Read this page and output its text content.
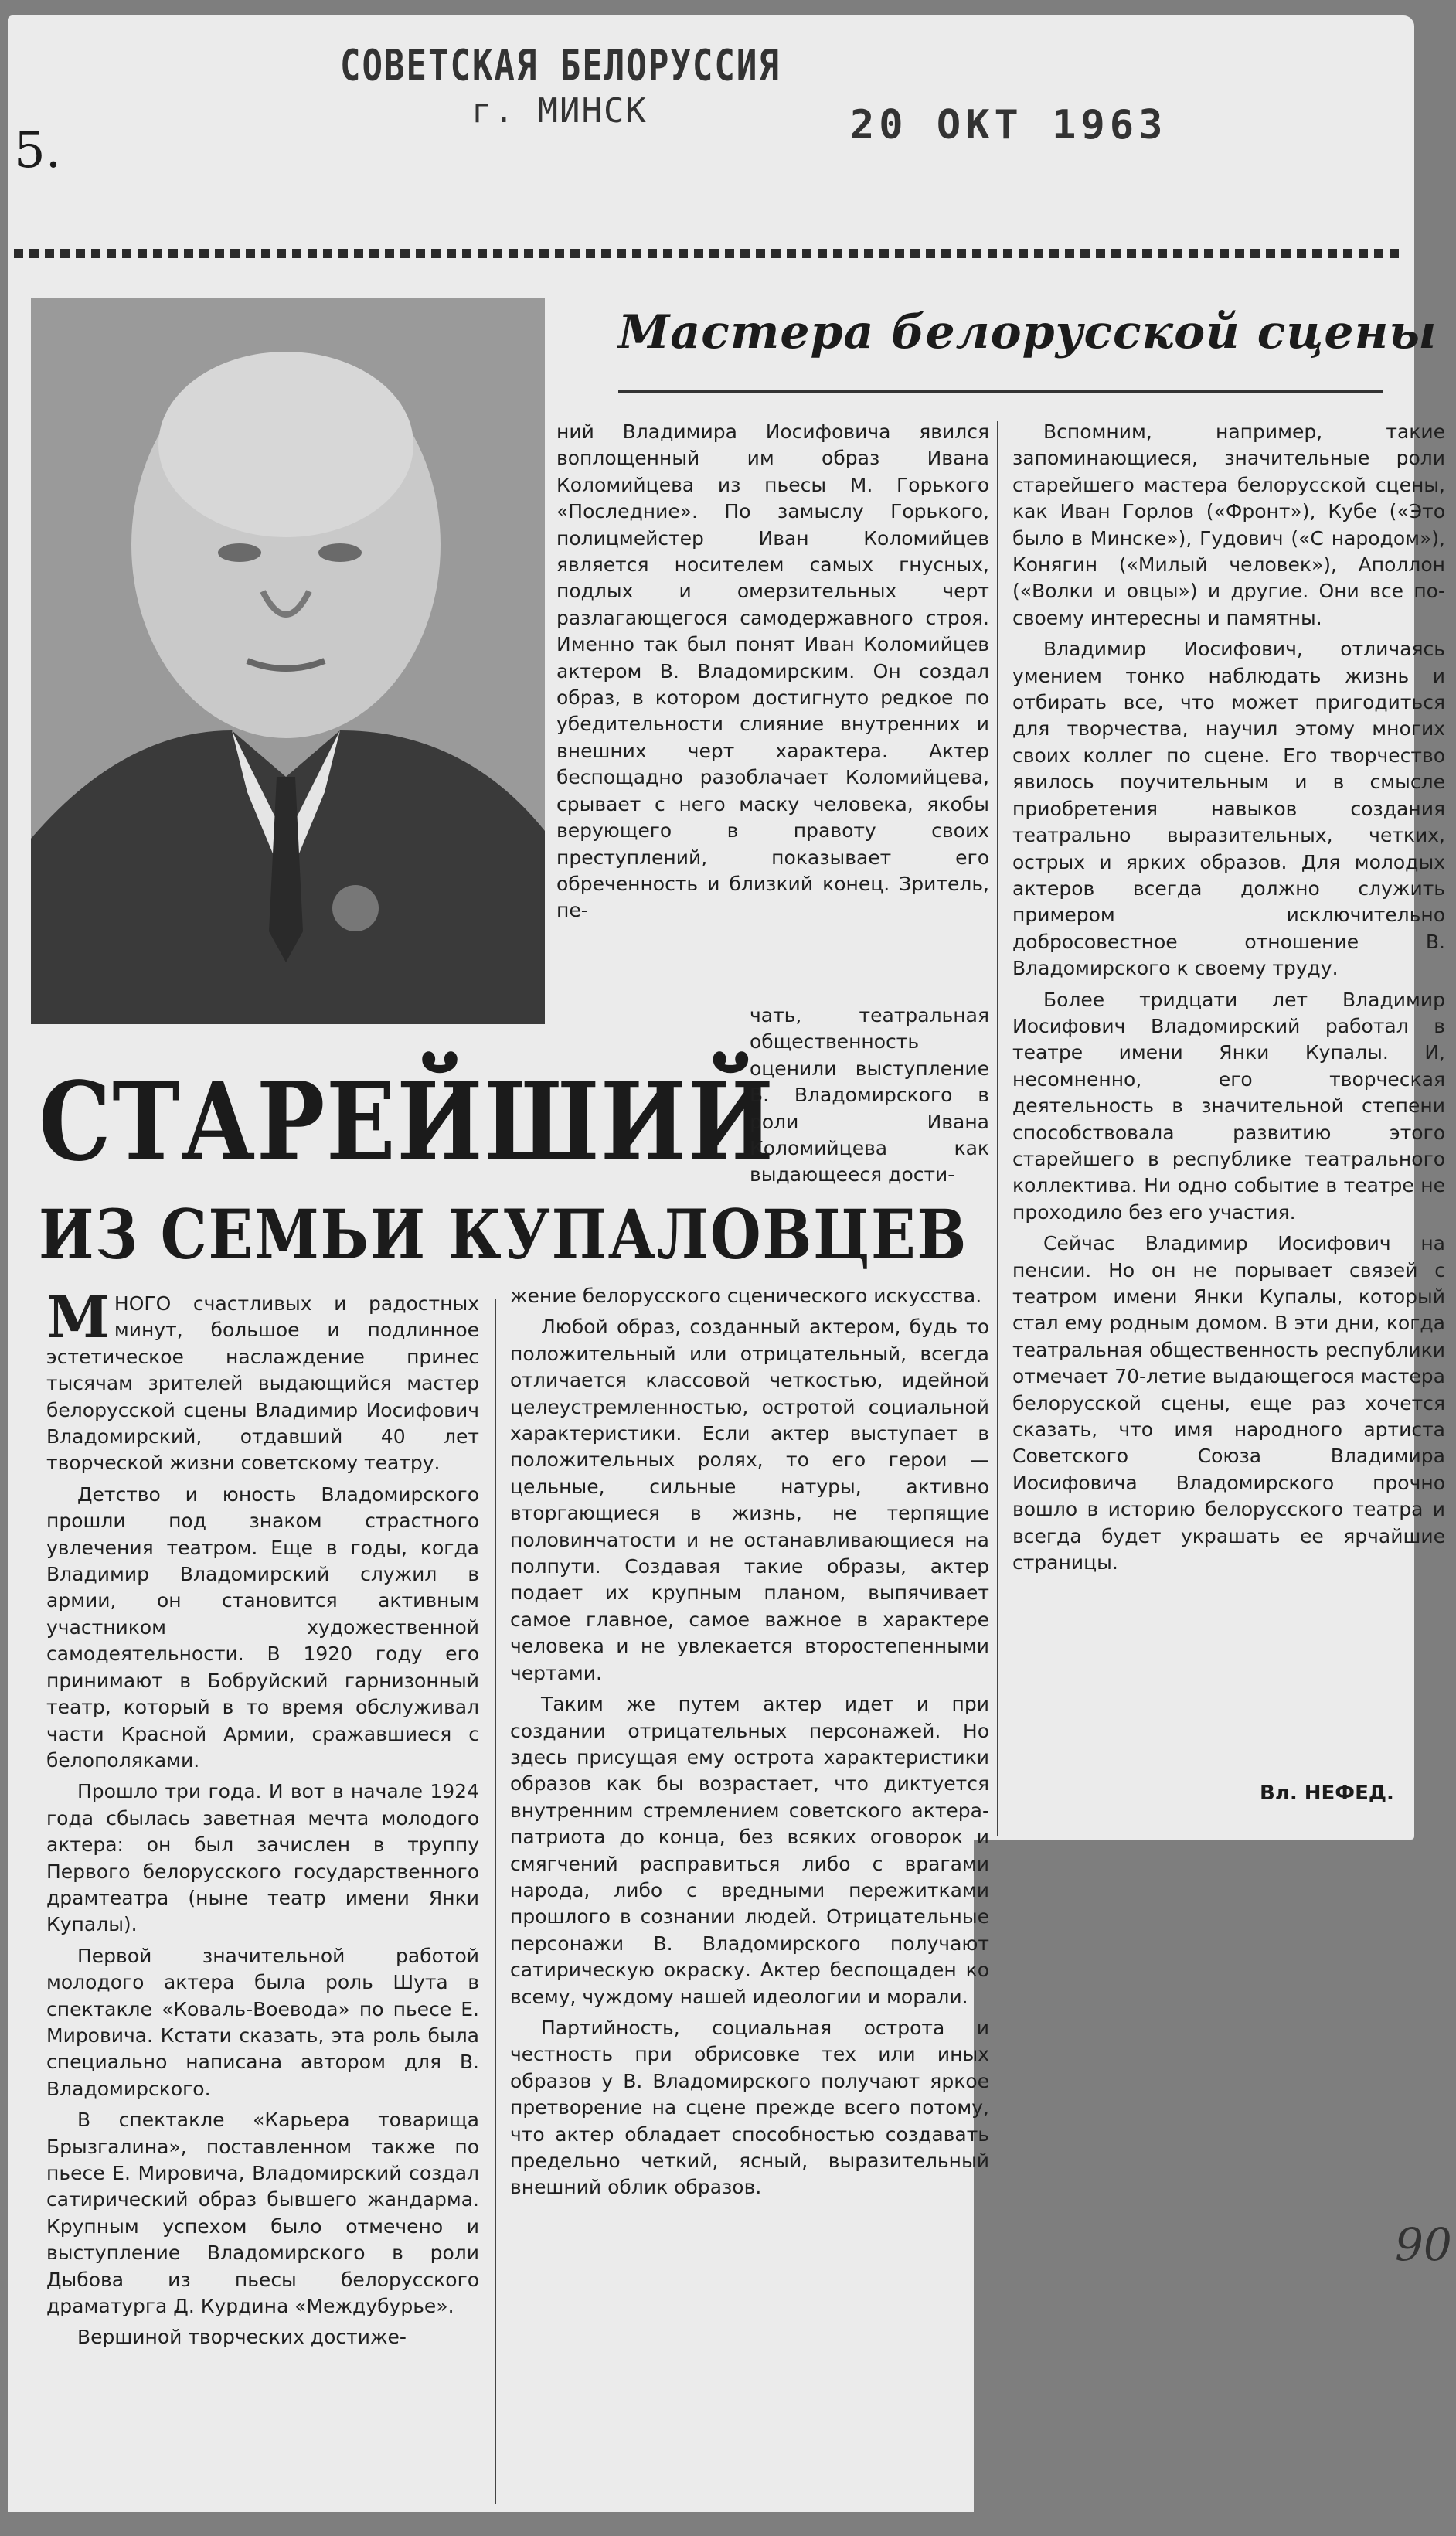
СОВЕТСКАЯ БЕЛОРУССИЯ
г. МИНСК	20 ОКТ 1963
5.
Мастера белорусской сцены
СТАРЕЙШИЙ
ИЗ СЕМЬИ КУПАЛОВЦЕВ

МНОГО счастливых и радостных минут, большое и подлинное эстетическое наслаждение принес тысячам зрителей выдающийся мастер белорусской сцены Владимир Иосифович Владомирский, отдавший 40 лет творческой жизни советскому театру.

Детство и юность Владомирского прошли под знаком страстного увлечения театром. Еще в годы, когда Владимир Владомирский служил в армии, он становится активным участником художественной самодеятельности. В 1920 году его принимают в Бобруйский гарнизонный театр, который в то время обслуживал части Красной Армии, сражавшиеся с белополяками.

Прошло три года. И вот в начале 1924 года сбылась заветная мечта молодого актера: он был зачислен в труппу Первого белорусского государственного драмтеатра (ныне театр имени Янки Купалы).

Первой значительной работой молодого актера была роль Шута в спектакле «Коваль-Воевода» по пьесе Е. Мировича. Кстати сказать, эта роль была специально написана автором для В. Владомирского.

В спектакле «Карьера товарища Брызгалина», поставленном также по пьесе Е. Мировича, Владомирский создал сатирический образ бывшего жандарма. Крупным успехом было отмечено и выступление Владомирского в роли Дыбова из пьесы белорусского драматурга Д. Курдина «Междубурье».

Вершиной творческих достиже-

ний Владимира Иосифовича явился воплощенный им образ Ивана Коломийцева из пьесы М. Горького «Последние». По замыслу Горького, полицмейстер Иван Коломийцев является носителем самых гнусных, подлых и омерзительных черт разлагающегося самодержавного строя. Именно так был понят Иван Коломийцев актером В. Владомирским. Он создал образ, в котором достигнуто редкое по убедительности слияние внутренних и внешних черт характера. Актер беспощадно разоблачает Коломийцева, срывает с него маску человека, якобы верующего в правоту своих преступлений, показывает его обреченность и близкий конец. Зритель, пе-

чать, театральная общественность оценили выступление В. Владомирского в роли Ивана Коломийцева как выдающееся дости-

жение белорусского сценического искусства.

Любой образ, созданный актером, будь то положительный или отрицательный, всегда отличается классовой четкостью, идейной целеустремленностью, остротой социальной характеристики. Если актер выступает в положительных ролях, то его герои — цельные, сильные натуры, активно вторгающиеся в жизнь, не терпящие половинчатости и не останавливающиеся на полпути. Создавая такие образы, актер подает их крупным планом, выпячивает самое главное, самое важное в характере человека и не увлекается второстепенными чертами.

Таким же путем актер идет и при создании отрицательных персонажей. Но здесь присущая ему острота характеристики образов как бы возрастает, что диктуется внутренним стремлением советского актера-патриота до конца, без всяких оговорок и смягчений расправиться либо с врагами народа, либо с вредными пережитками прошлого в сознании людей. Отрицательные персонажи В. Владомирского получают сатирическую окраску. Актер беспощаден ко всему, чуждому нашей идеологии и морали.

Партийность, социальная острота и честность при обрисовке тех или иных образов у В. Владомирского получают яркое претворение на сцене прежде всего потому, что актер обладает способностью создавать предельно четкий, ясный, выразительный внешний облик образов.

Вспомним, например, такие запоминающиеся, значительные роли старейшего мастера белорусской сцены, как Иван Горлов («Фронт»), Кубе («Это было в Минске»), Гудович («С народом»), Конягин («Милый человек»), Аполлон («Волки и овцы») и другие. Они все по-своему интересны и памятны.

Владимир Иосифович, отличаясь умением тонко наблюдать жизнь и отбирать все, что может пригодиться для творчества, научил этому многих своих коллег по сцене. Его творчество явилось поучительным и в смысле приобретения навыков создания театрально выразительных, четких, острых и ярких образов. Для молодых актеров всегда должно служить примером исключительно добросовестное отношение В. Владомирского к своему труду.

Более тридцати лет Владимир Иосифович Владомирский работал в театре имени Янки Купалы. И, несомненно, его творческая деятельность в значительной степени способствовала развитию этого старейшего в республике театрального коллектива. Ни одно событие в театре не проходило без его участия.

Сейчас Владимир Иосифович на пенсии. Но он не порывает связей с театром имени Янки Купалы, который стал ему родным домом. В эти дни, когда театральная общественность республики отмечает 70-летие выдающегося мастера белорусской сцены, еще раз хочется сказать, что имя народного артиста Советского Союза Владимира Иосифовича Владомирского прочно вошло в историю белорусского театра и всегда будет украшать ее ярчайшие страницы.

Вл. НЕФЕД.
90
